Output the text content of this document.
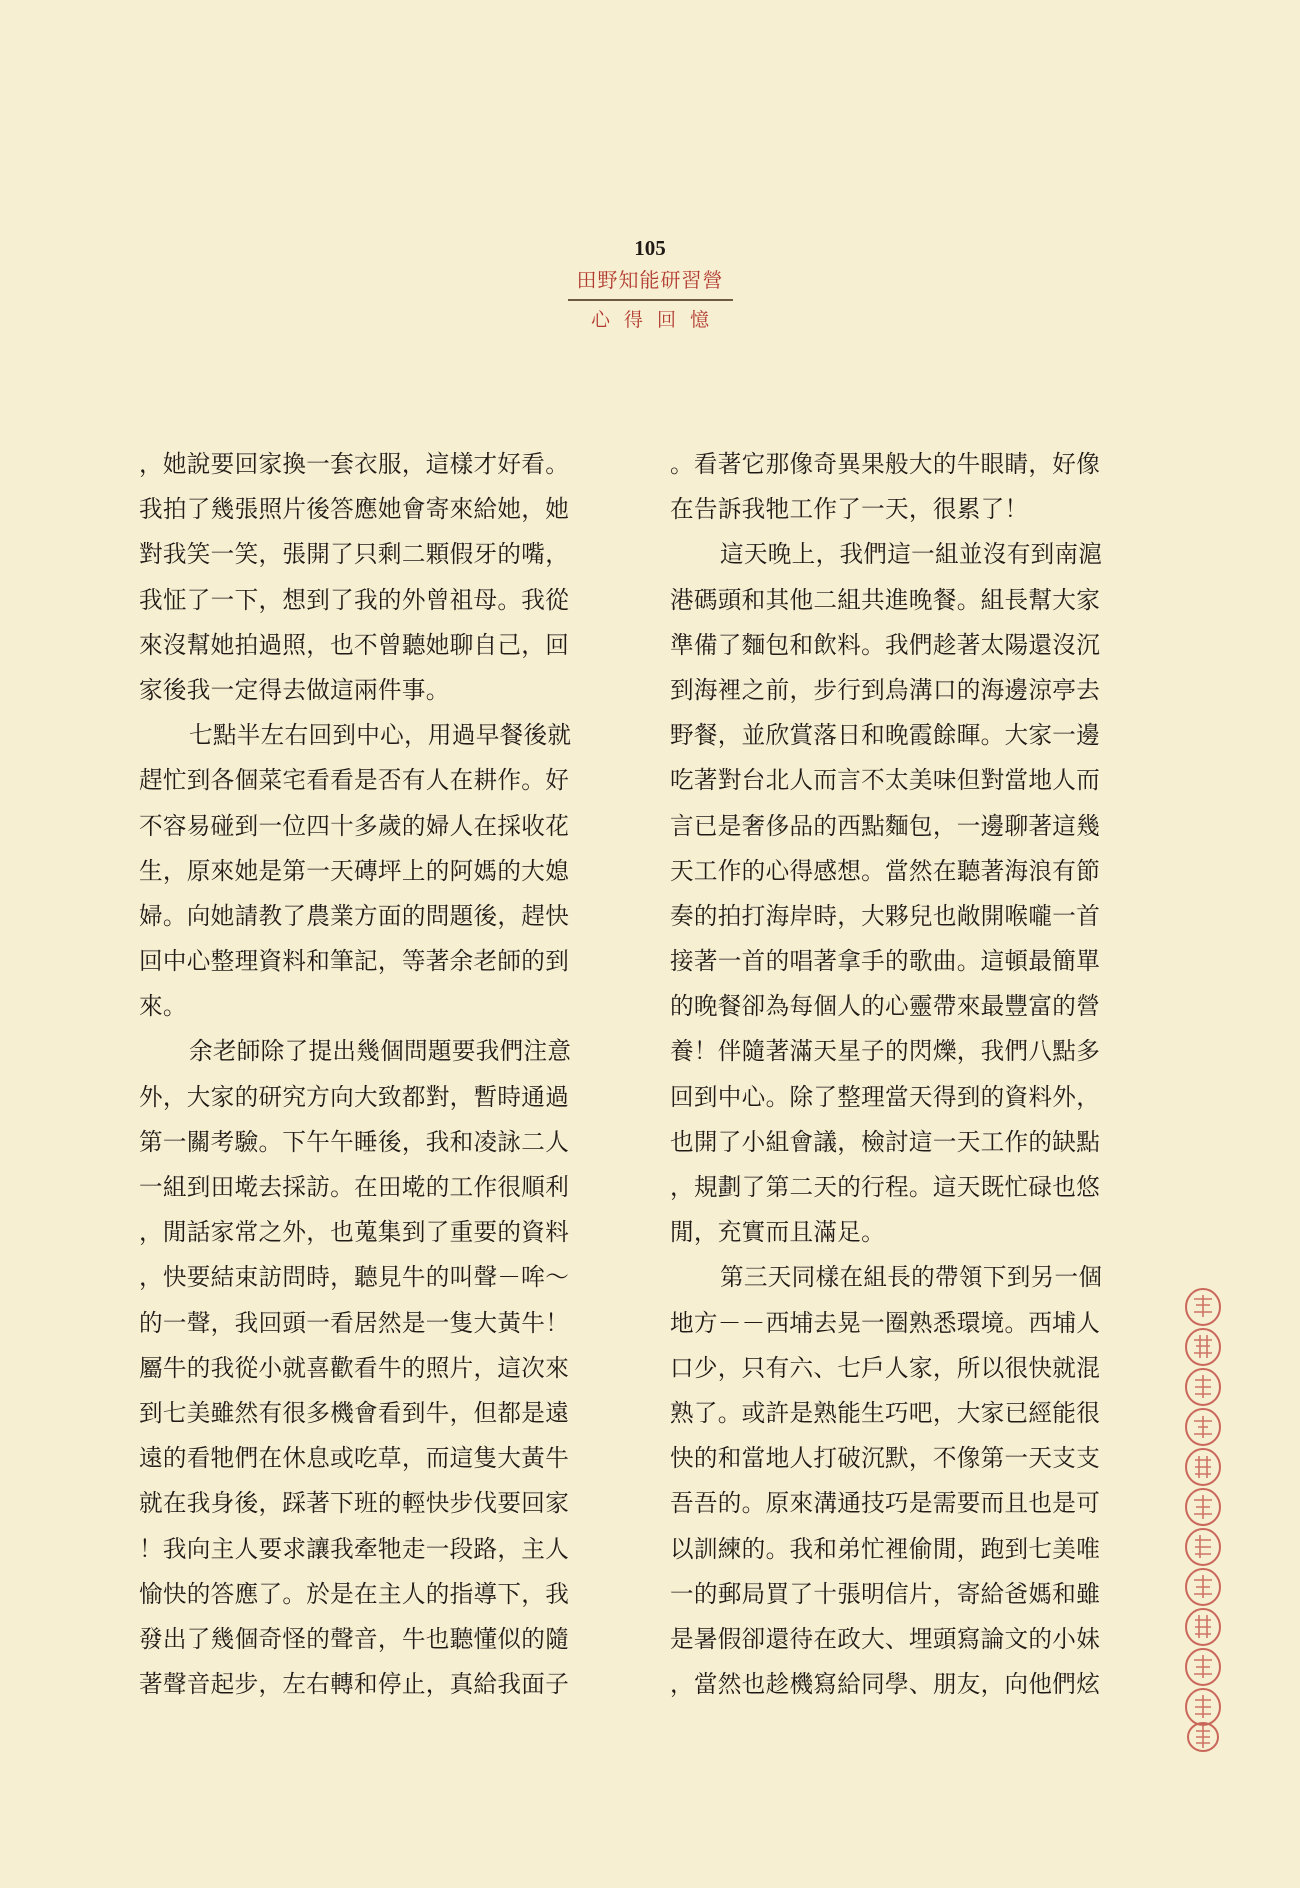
105
田野知能研習營
心得回憶
，她說要回家換一套衣服，這樣才好看。
我拍了幾張照片後答應她會寄來給她，她
對我笑一笑，張開了只剩二顆假牙的嘴，
我怔了一下，想到了我的外曾祖母。我從
來沒幫她拍過照，也不曾聽她聊自己，回
家後我一定得去做這兩件事。
七點半左右回到中心，用過早餐後就
趕忙到各個菜宅看看是否有人在耕作。好
不容易碰到一位四十多歲的婦人在採收花
生，原來她是第一天磚坪上的阿媽的大媳
婦。向她請教了農業方面的問題後，趕快
回中心整理資料和筆記，等著余老師的到
來。
余老師除了提出幾個問題要我們注意
外，大家的研究方向大致都對，暫時通過
第一關考驗。下午午睡後，我和凌詠二人
一組到田墘去採訪。在田墘的工作很順利
，閒話家常之外，也蒐集到了重要的資料
，快要結束訪問時，聽見牛的叫聲－哞～
的一聲，我回頭一看居然是一隻大黃牛！
屬牛的我從小就喜歡看牛的照片，這次來
到七美雖然有很多機會看到牛，但都是遠
遠的看牠們在休息或吃草，而這隻大黃牛
就在我身後，踩著下班的輕快步伐要回家
！我向主人要求讓我牽牠走一段路，主人
愉快的答應了。於是在主人的指導下，我
發出了幾個奇怪的聲音，牛也聽懂似的隨
著聲音起步，左右轉和停止，真給我面子
。看著它那像奇異果般大的牛眼睛，好像
在告訴我牠工作了一天，很累了！
這天晚上，我們這一組並沒有到南滬
港碼頭和其他二組共進晚餐。組長幫大家
準備了麵包和飲料。我們趁著太陽還沒沉
到海裡之前，步行到烏溝口的海邊涼亭去
野餐，並欣賞落日和晚霞餘暉。大家一邊
吃著對台北人而言不太美味但對當地人而
言已是奢侈品的西點麵包，一邊聊著這幾
天工作的心得感想。當然在聽著海浪有節
奏的拍打海岸時，大夥兒也敞開喉嚨一首
接著一首的唱著拿手的歌曲。這頓最簡單
的晚餐卻為每個人的心靈帶來最豐富的營
養！伴隨著滿天星子的閃爍，我們八點多
回到中心。除了整理當天得到的資料外，
也開了小組會議，檢討這一天工作的缺點
，規劃了第二天的行程。這天既忙碌也悠
閒，充實而且滿足。
第三天同樣在組長的帶領下到另一個
地方－－西埔去晃一圈熟悉環境。西埔人
口少，只有六、七戶人家，所以很快就混
熟了。或許是熟能生巧吧，大家已經能很
快的和當地人打破沉默，不像第一天支支
吾吾的。原來溝通技巧是需要而且也是可
以訓練的。我和弟忙裡偷閒，跑到七美唯
一的郵局買了十張明信片，寄給爸媽和雖
是暑假卻還待在政大、埋頭寫論文的小妹
，當然也趁機寫給同學、朋友，向他們炫
